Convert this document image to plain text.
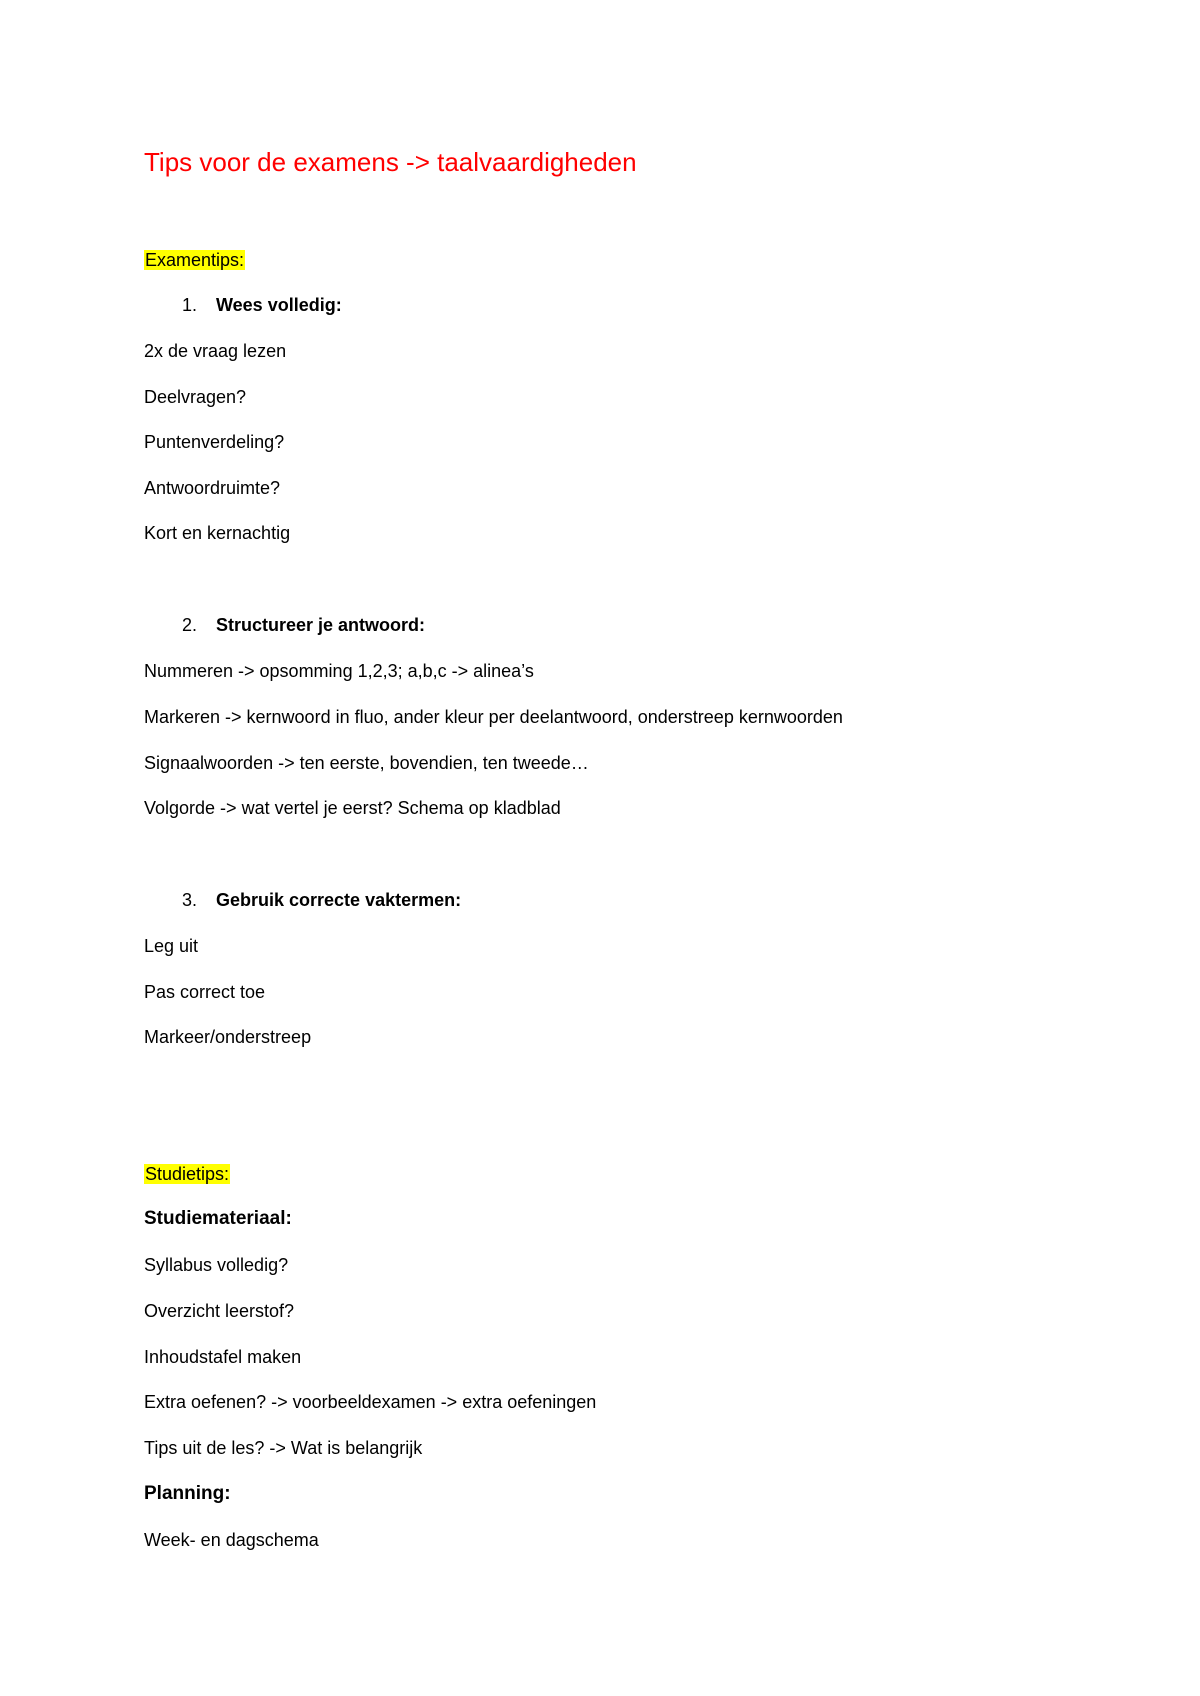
Tips voor de examens -> taalvaardigheden
Examentips:
1. Wees volledig:
2x de vraag lezen
Deelvragen?
Puntenverdeling?
Antwoordruimte?
Kort en kernachtig
2. Structureer je antwoord:
Nummeren -> opsomming 1,2,3; a,b,c -> alinea’s
Markeren -> kernwoord in fluo, ander kleur per deelantwoord, onderstreep kernwoorden
Signaalwoorden -> ten eerste, bovendien, ten tweede…
Volgorde -> wat vertel je eerst? Schema op kladblad
3. Gebruik correcte vaktermen:
Leg uit
Pas correct toe
Markeer/onderstreep
Studietips:
Studiemateriaal:
Syllabus volledig?
Overzicht leerstof?
Inhoudstafel maken
Extra oefenen? -> voorbeeldexamen -> extra oefeningen
Tips uit de les? -> Wat is belangrijk
Planning:
Week- en dagschema
